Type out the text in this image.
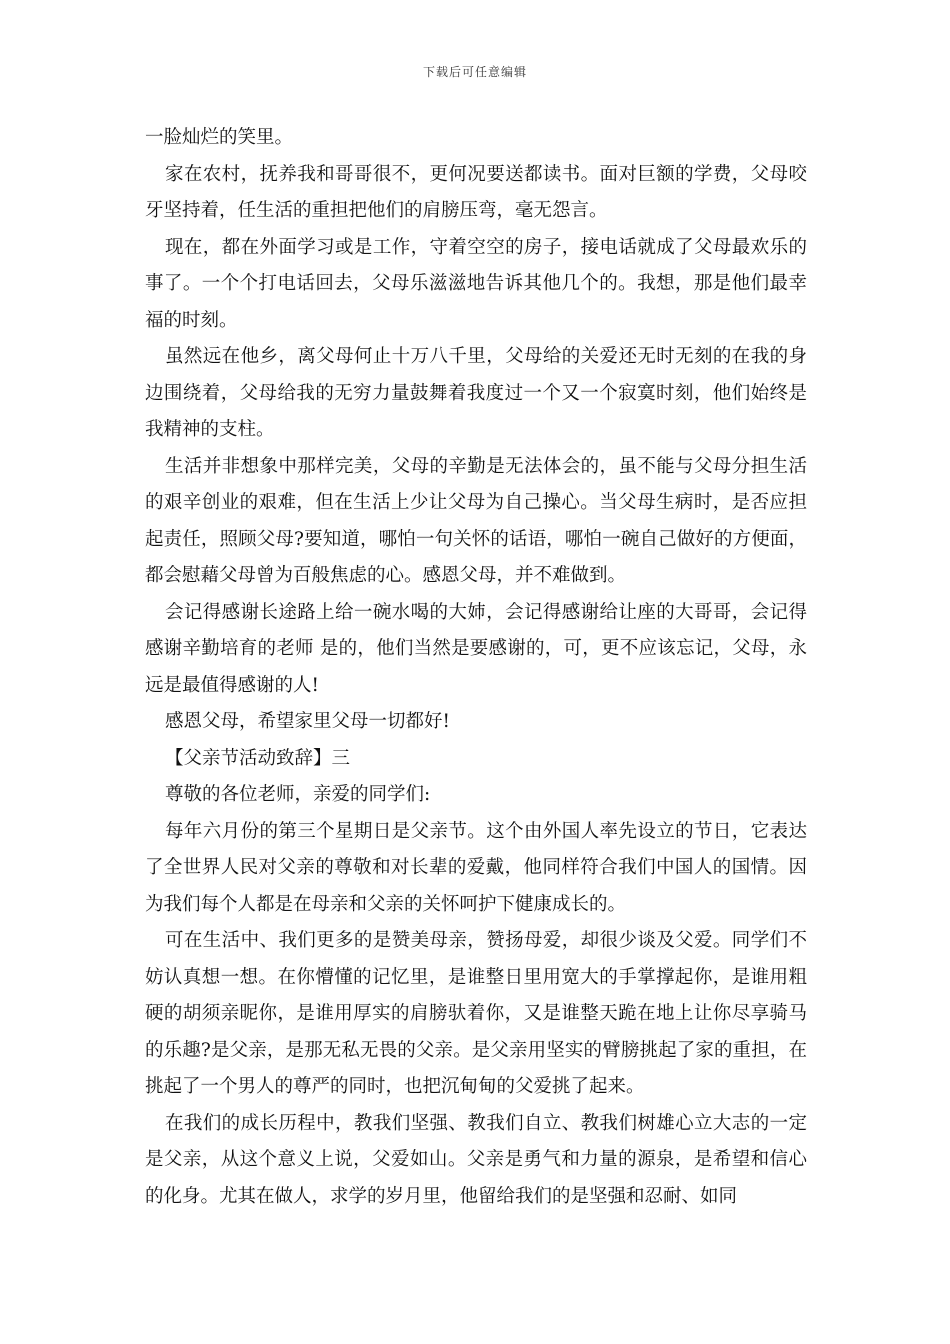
下载后可任意编辑

一脸灿烂的笑里。

家在农村，抚养我和哥哥很不，更何况要送都读书。面对巨额的学费，父母咬牙坚持着，任生活的重担把他们的肩膀压弯，毫无怨言。

现在，都在外面学习或是工作，守着空空的房子，接电话就成了父母最欢乐的事了。一个个打电话回去，父母乐滋滋地告诉其他几个的。我想，那是他们最幸福的时刻。

虽然远在他乡，离父母何止十万八千里，父母给的关爱还无时无刻的在我的身边围绕着，父母给我的无穷力量鼓舞着我度过一个又一个寂寞时刻，他们始终是我精神的支柱。

生活并非想象中那样完美，父母的辛勤是无法体会的，虽不能与父母分担生活的艰辛创业的艰难，但在生活上少让父母为自己操心。当父母生病时，是否应担起责任，照顾父母?要知道，哪怕一句关怀的话语，哪怕一碗自己做好的方便面，都会慰藉父母曾为百般焦虑的心。感恩父母，并不难做到。

会记得感谢长途路上给一碗水喝的大姉，会记得感谢给让座的大哥哥，会记得感谢辛勤培育的老师 是的，他们当然是要感谢的，可，更不应该忘记，父母，永远是最值得感谢的人!

感恩父母，希望家里父母一切都好!

【父亲节活动致辞】三

尊敬的各位老师，亲爱的同学们:

每年六月份的第三个星期日是父亲节。这个由外国人率先设立的节日，它表达了全世界人民对父亲的尊敬和对长辈的爱戴，他同样符合我们中国人的国情。因为我们每个人都是在母亲和父亲的关怀呵护下健康成长的。

可在生活中、我们更多的是赞美母亲，赞扬母爱，却很少谈及父爱。同学们不妨认真想一想。在你懵懂的记忆里，是谁整日里用宽大的手掌撑起你，是谁用粗硬的胡须亲昵你，是谁用厚实的肩膀驮着你，又是谁整天跪在地上让你尽享骑马的乐趣?是父亲，是那无私无畏的父亲。是父亲用坚实的臂膀挑起了家的重担，在挑起了一个男人的尊严的同时，也把沉甸甸的父爱挑了起来。

在我们的成长历程中，教我们坚强、教我们自立、教我们树雄心立大志的一定是父亲，从这个意义上说，父爱如山。父亲是勇气和力量的源泉，是希望和信心的化身。尤其在做人，求学的岁月里，他留给我们的是坚强和忍耐、如同
